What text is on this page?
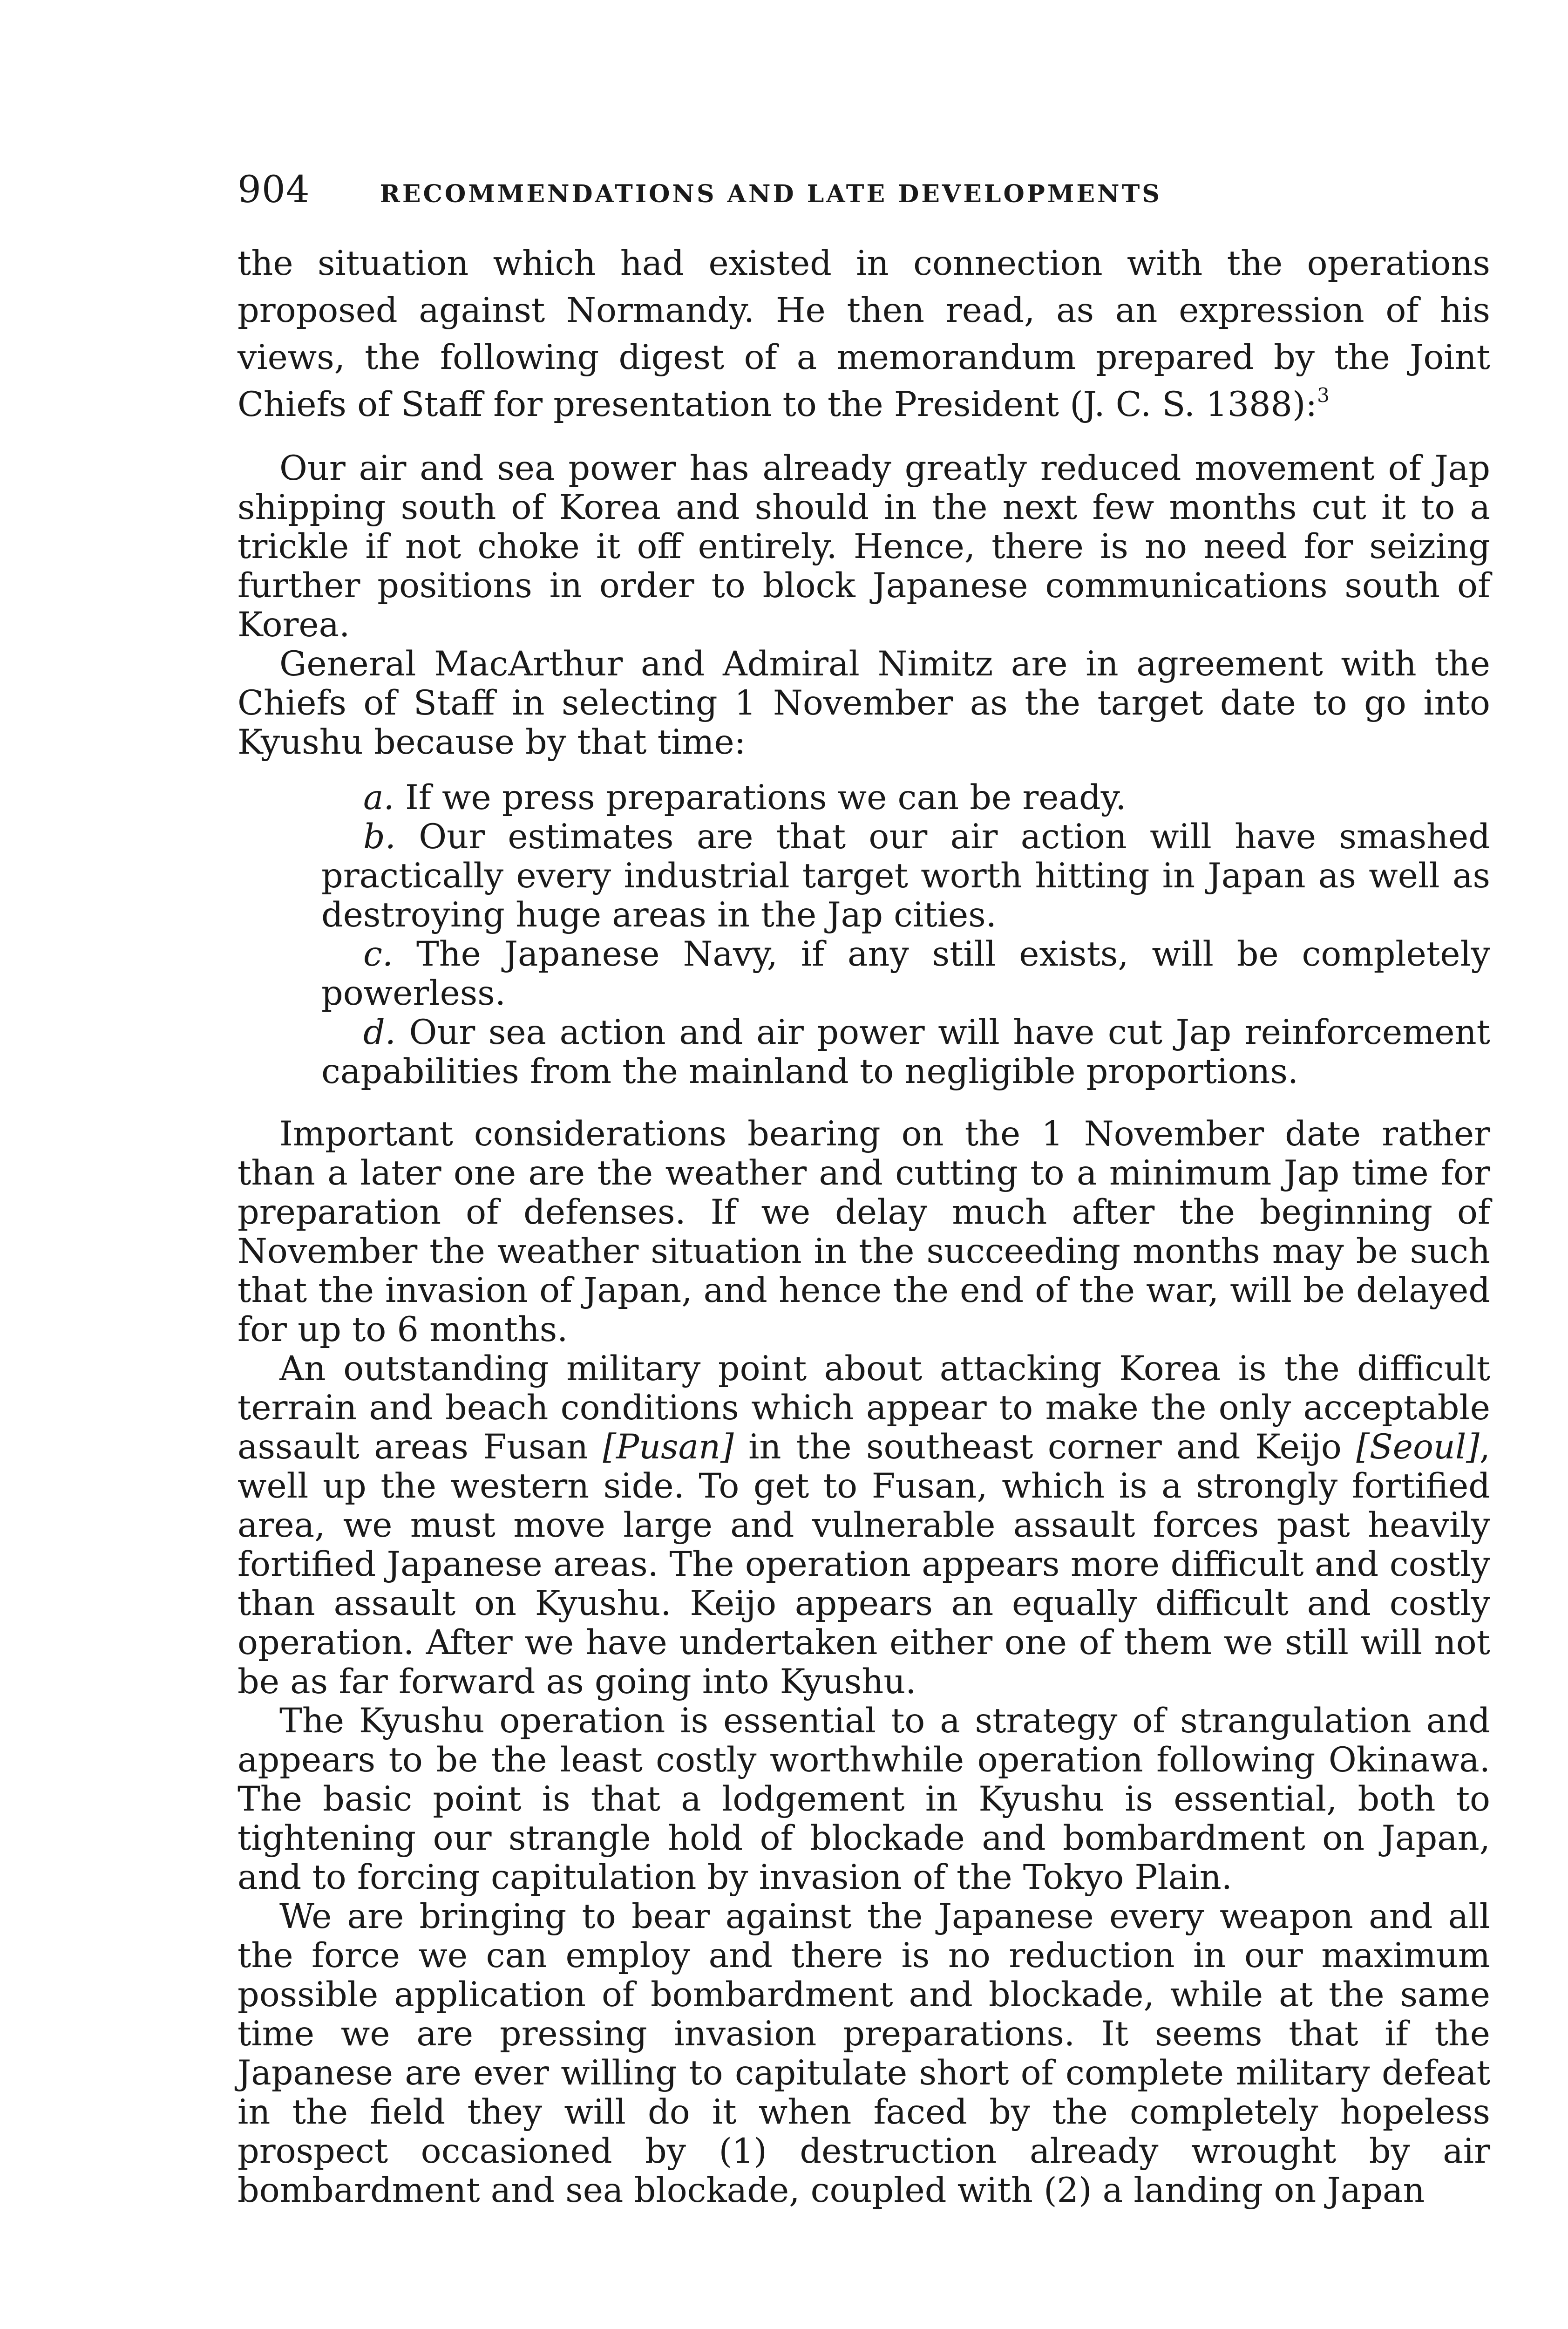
904	RECOMMENDATIONS AND LATE DEVELOPMENTS

the situation which had existed in connection with the operations proposed against Normandy. He then read, as an expression of his views, the following digest of a memorandum prepared by the Joint Chiefs of Staff for presentation to the President (J. C. S. 1388):$^3$

Our air and sea power has already greatly reduced movement of Jap shipping south of Korea and should in the next few months cut it to a trickle if not choke it off entirely. Hence, there is no need for seizing further positions in order to block Japanese communications south of Korea.

General MacArthur and Admiral Nimitz are in agreement with the Chiefs of Staff in selecting 1 November as the target date to go into Kyushu because by that time:

a. If we press preparations we can be ready.

b. Our estimates are that our air action will have smashed practically every industrial target worth hitting in Japan as well as destroying huge areas in the Jap cities.

c. The Japanese Navy, if any still exists, will be completely powerless.

d. Our sea action and air power will have cut Jap reinforcement capabilities from the mainland to negligible proportions.

Important considerations bearing on the 1 November date rather than a later one are the weather and cutting to a minimum Jap time for preparation of defenses. If we delay much after the beginning of November the weather situation in the succeeding months may be such that the invasion of Japan, and hence the end of the war, will be delayed for up to 6 months.

An outstanding military point about attacking Korea is the difficult terrain and beach conditions which appear to make the only acceptable assault areas Fusan [Pusan] in the southeast corner and Keijo [Seoul], well up the western side. To get to Fusan, which is a strongly fortified area, we must move large and vulnerable assault forces past heavily fortified Japanese areas. The operation appears more difficult and costly than assault on Kyushu. Keijo appears an equally difficult and costly operation. After we have undertaken either one of them we still will not be as far forward as going into Kyushu.

The Kyushu operation is essential to a strategy of strangulation and appears to be the least costly worthwhile operation following Okinawa. The basic point is that a lodgement in Kyushu is essential, both to tightening our strangle hold of blockade and bombardment on Japan, and to forcing capitulation by invasion of the Tokyo Plain.

We are bringing to bear against the Japanese every weapon and all the force we can employ and there is no reduction in our maximum possible application of bombardment and blockade, while at the same time we are pressing invasion preparations. It seems that if the Japanese are ever willing to capitulate short of complete military defeat in the field they will do it when faced by the completely hopeless prospect occasioned by (1) destruction already wrought by air bombardment and sea blockade, coupled with (2) a landing on Japan
